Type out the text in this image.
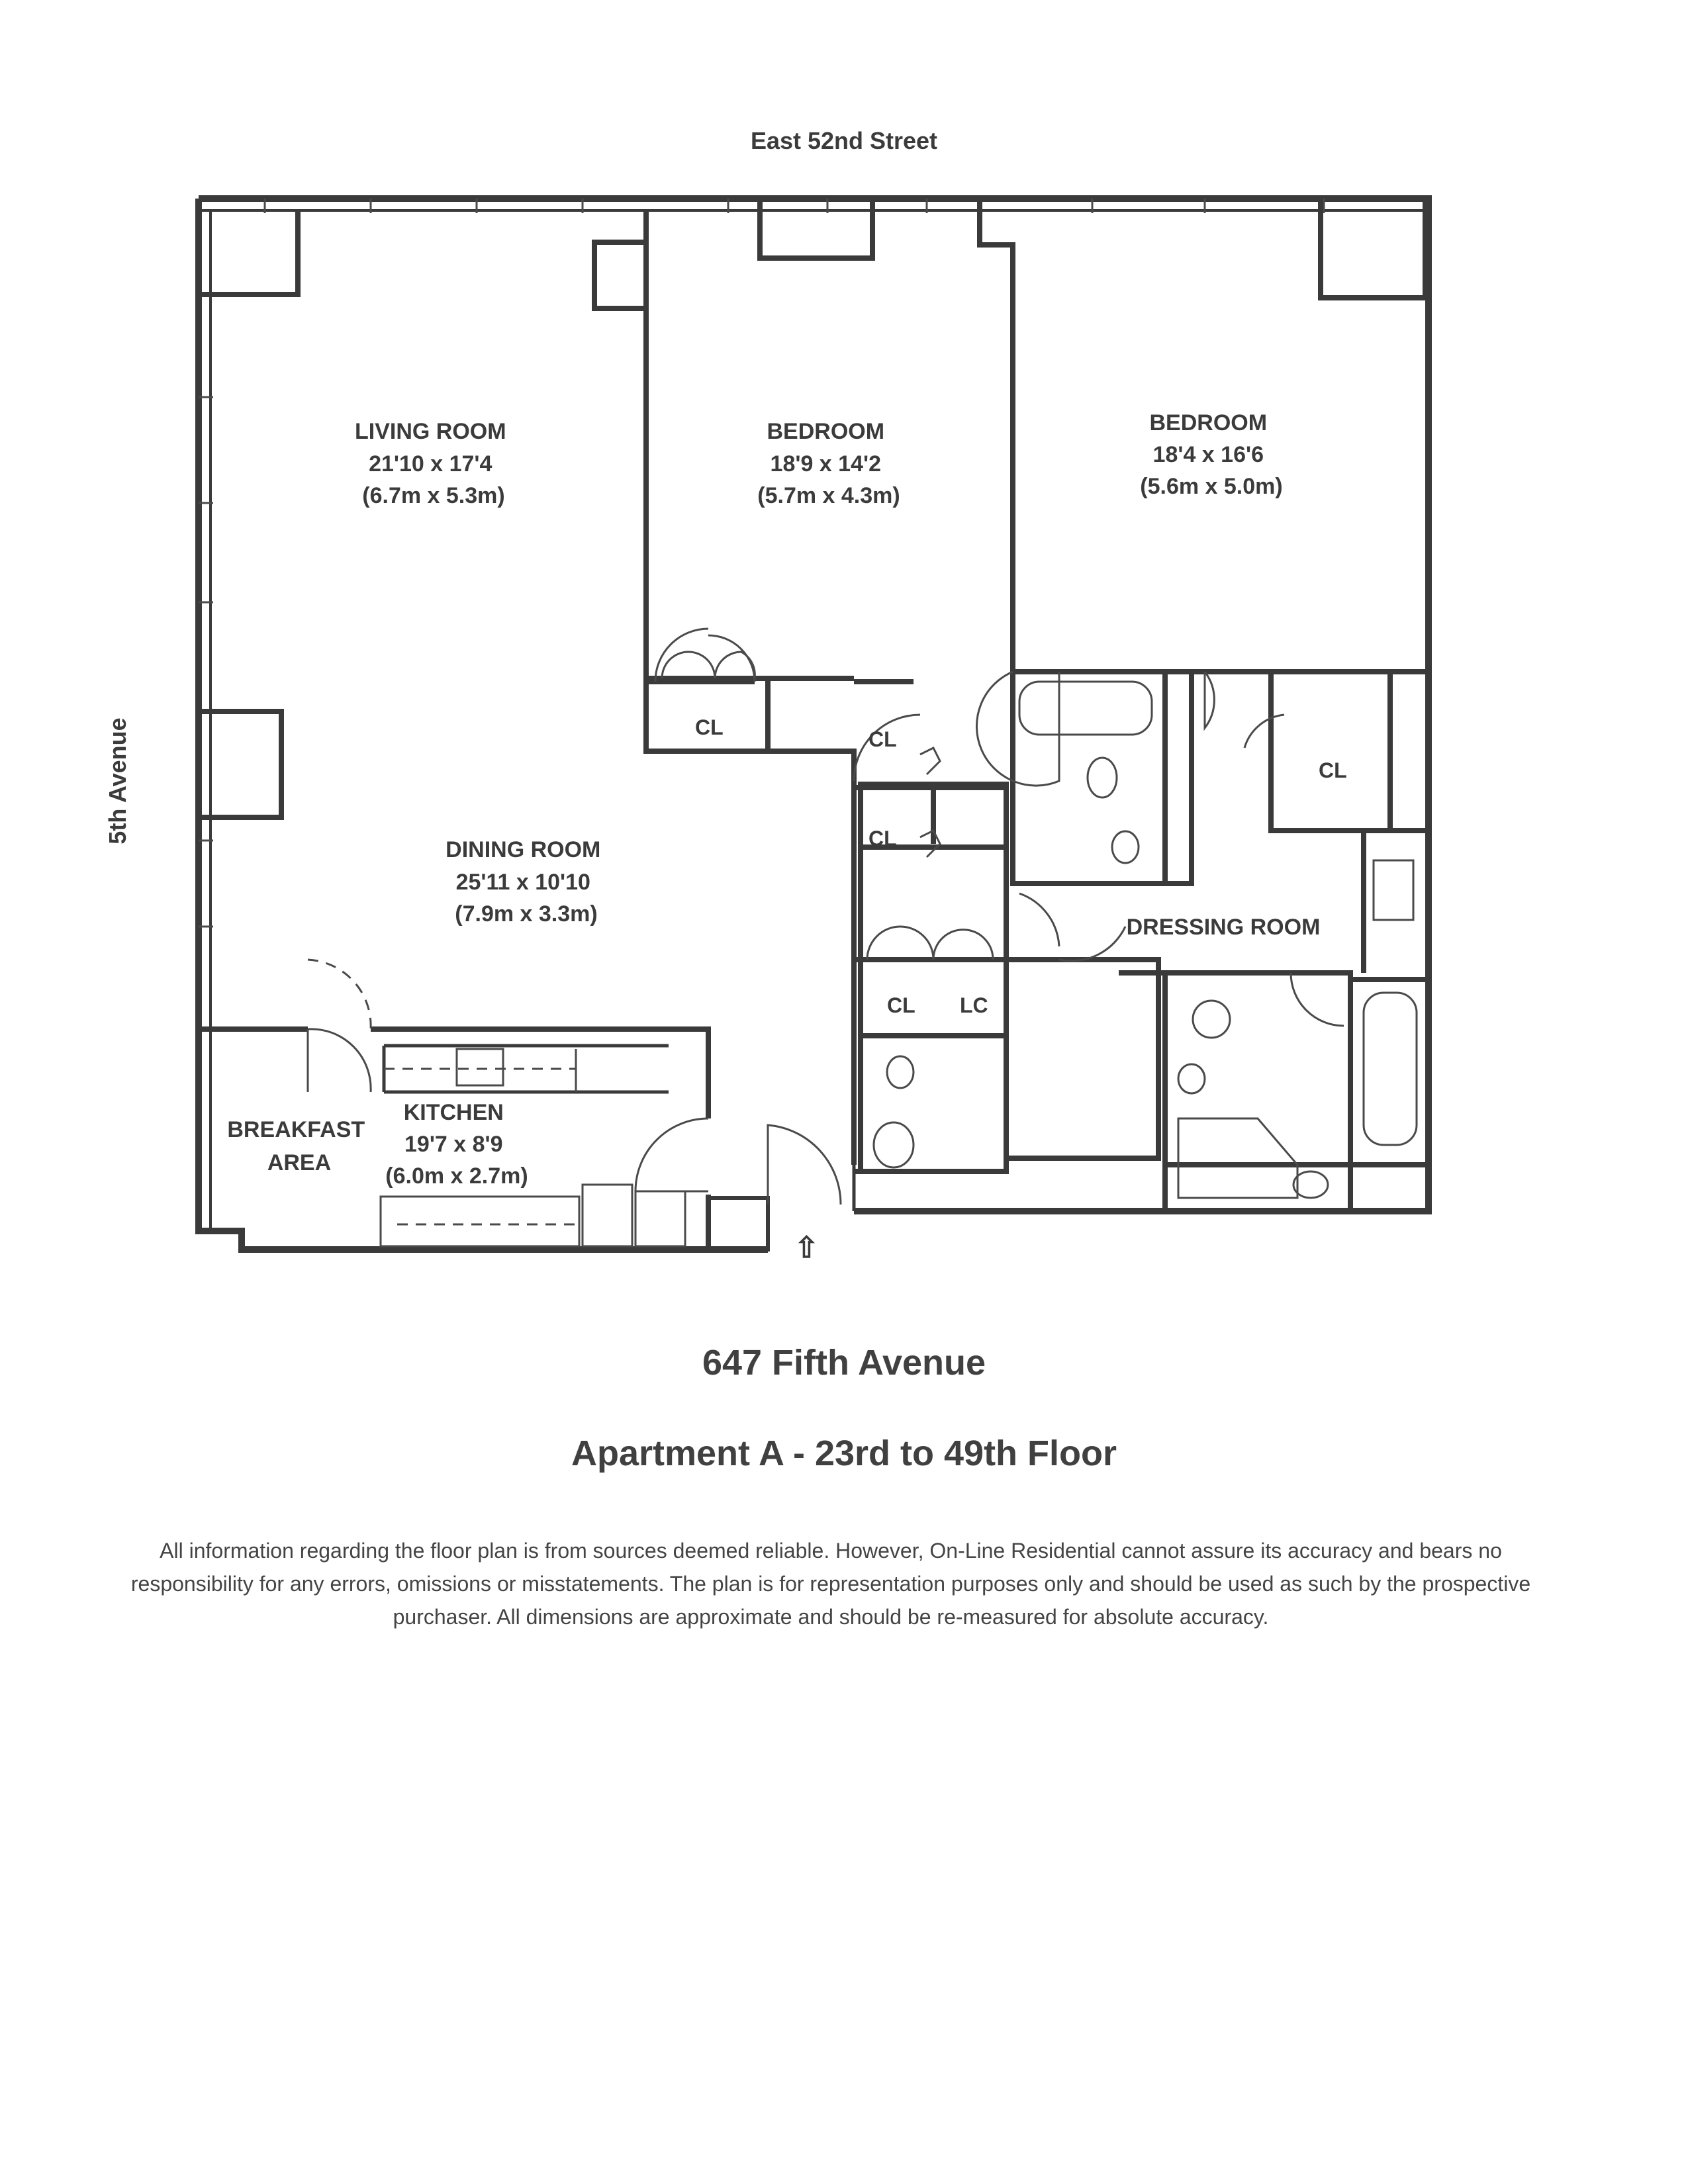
East 52nd Street
5th Avenue
LIVING ROOM 21'10 x 17'4 (6.7m x 5.3m)
BEDROOM 18'9 x 14'2 (5.7m x 4.3m)
BEDROOM 18'4 x 16'6 (5.6m x 5.0m)
DINING ROOM 25'11 x 10'10 (7.9m x 3.3m)
KITCHEN 19'7 x 8'9 (6.0m x 2.7m)
BREAKFAST AREA
DRESSING ROOM
CL	CL
CL
CL
CL LC
⇧
647 Fifth Avenue
Apartment A - 23rd to 49th Floor
All information regarding the floor plan is from sources deemed reliable. However, On-Line Residential cannot assure its accuracy and bears no responsibility for any errors, omissions or misstatements. The plan is for representation purposes only and should be used as such by the prospective purchaser. All dimensions are approximate and should be re-measured for absolute accuracy.
